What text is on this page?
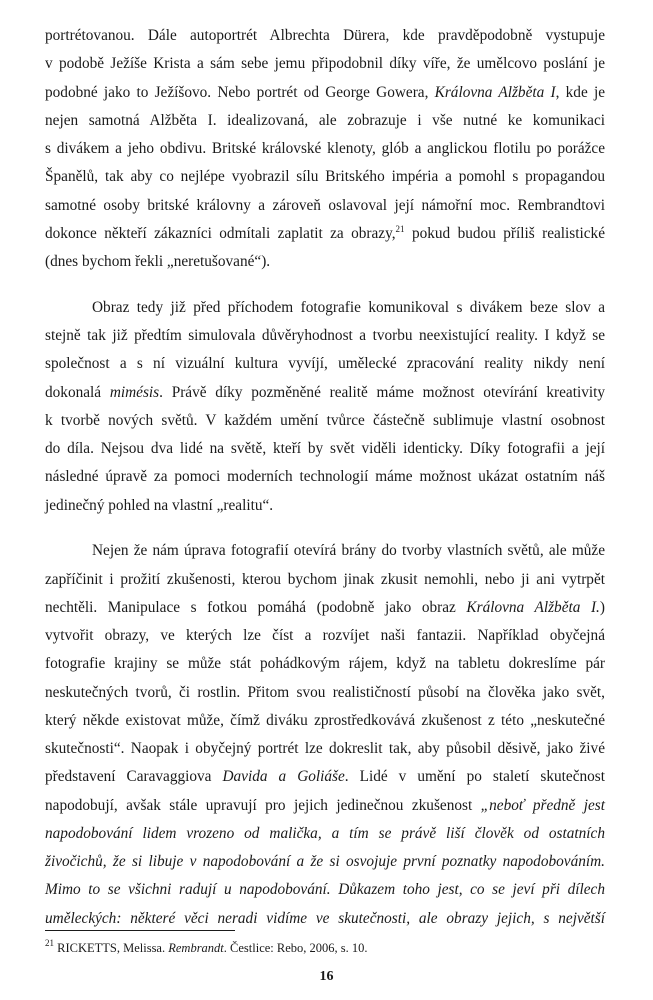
portrétovanou. Dále autoportrét Albrechta Dürera, kde pravděpodobně vystupuje
v podobě Ježíše Krista a sám sebe jemu připodobnil díky víře, že umělcovo poslání je
podobné jako to Ježíšovo. Nebo portrét od George Gowera, Královna Alžběta I, kde je
nejen samotná Alžběta I. idealizovaná, ale zobrazuje i vše nutné ke komunikaci
s divákem a jeho obdivu. Britské královské klenoty, glób a anglickou flotilu po porážce
Španělů, tak aby co nejlépe vyobrazil sílu Britského impéria a pomohl s propagandou
samotné osoby britské královny a zároveň oslavoval její námořní moc. Rembrandtovi
dokonce někteří zákazníci odmítali zaplatit za obrazy,$^{21}$ pokud budou příliš realistické
(dnes bychom řekli „neretušované“).
Obraz tedy již před příchodem fotografie komunikoval s divákem beze slov a
stejně tak již předtím simulovala důvěryhodnost a tvorbu neexistující reality. I když se
společnost a s ní vizuální kultura vyvíjí, umělecké zpracování reality nikdy není
dokonalá mimésis. Právě díky pozměněné realitě máme možnost otevírání kreativity
k tvorbě nových světů. V každém umění tvůrce částečně sublimuje vlastní osobnost
do díla. Nejsou dva lidé na světě, kteří by svět viděli identicky. Díky fotografii a její
následné úpravě za pomoci moderních technologií máme možnost ukázat ostatním náš
jedinečný pohled na vlastní „realitu“.
Nejen že nám úprava fotografií otevírá brány do tvorby vlastních světů, ale může
zapříčinit i prožití zkušenosti, kterou bychom jinak zkusit nemohli, nebo ji ani vytrpět
nechtěli. Manipulace s fotkou pomáhá (podobně jako obraz Královna Alžběta I.)
vytvořit obrazy, ve kterých lze číst a rozvíjet naši fantazii. Například obyčejná
fotografie krajiny se může stát pohádkovým rájem, když na tabletu dokreslíme pár
neskutečných tvorů, či rostlin. Přitom svou realističností působí na člověka jako svět,
který někde existovat může, čímž diváku zprostředkovává zkušenost z této „neskutečné
skutečnosti“. Naopak i obyčejný portrét lze dokreslit tak, aby působil děsivě, jako živé
představení Caravaggiova Davida a Goliáše. Lidé v umění po staletí skutečnost
napodobují, avšak stále upravují pro jejich jedinečnou zkušenost „neboť předně jest
napodobování lidem vrozeno od malička, a tím se právě liší člověk od ostatních
živočichů, že si libuje v napodobování a že si osvojuje první poznatky napodobováním.
Mimo to se všichni radují u napodobování. Důkazem toho jest, co se jeví při dílech
uměleckých: některé věci neradi vidíme ve skutečnosti, ale obrazy jejich, s největší
$^{21}$ RICKETTS, Melissa. Rembrandt. Čestlice: Rebo, 2006, s. 10.
16
